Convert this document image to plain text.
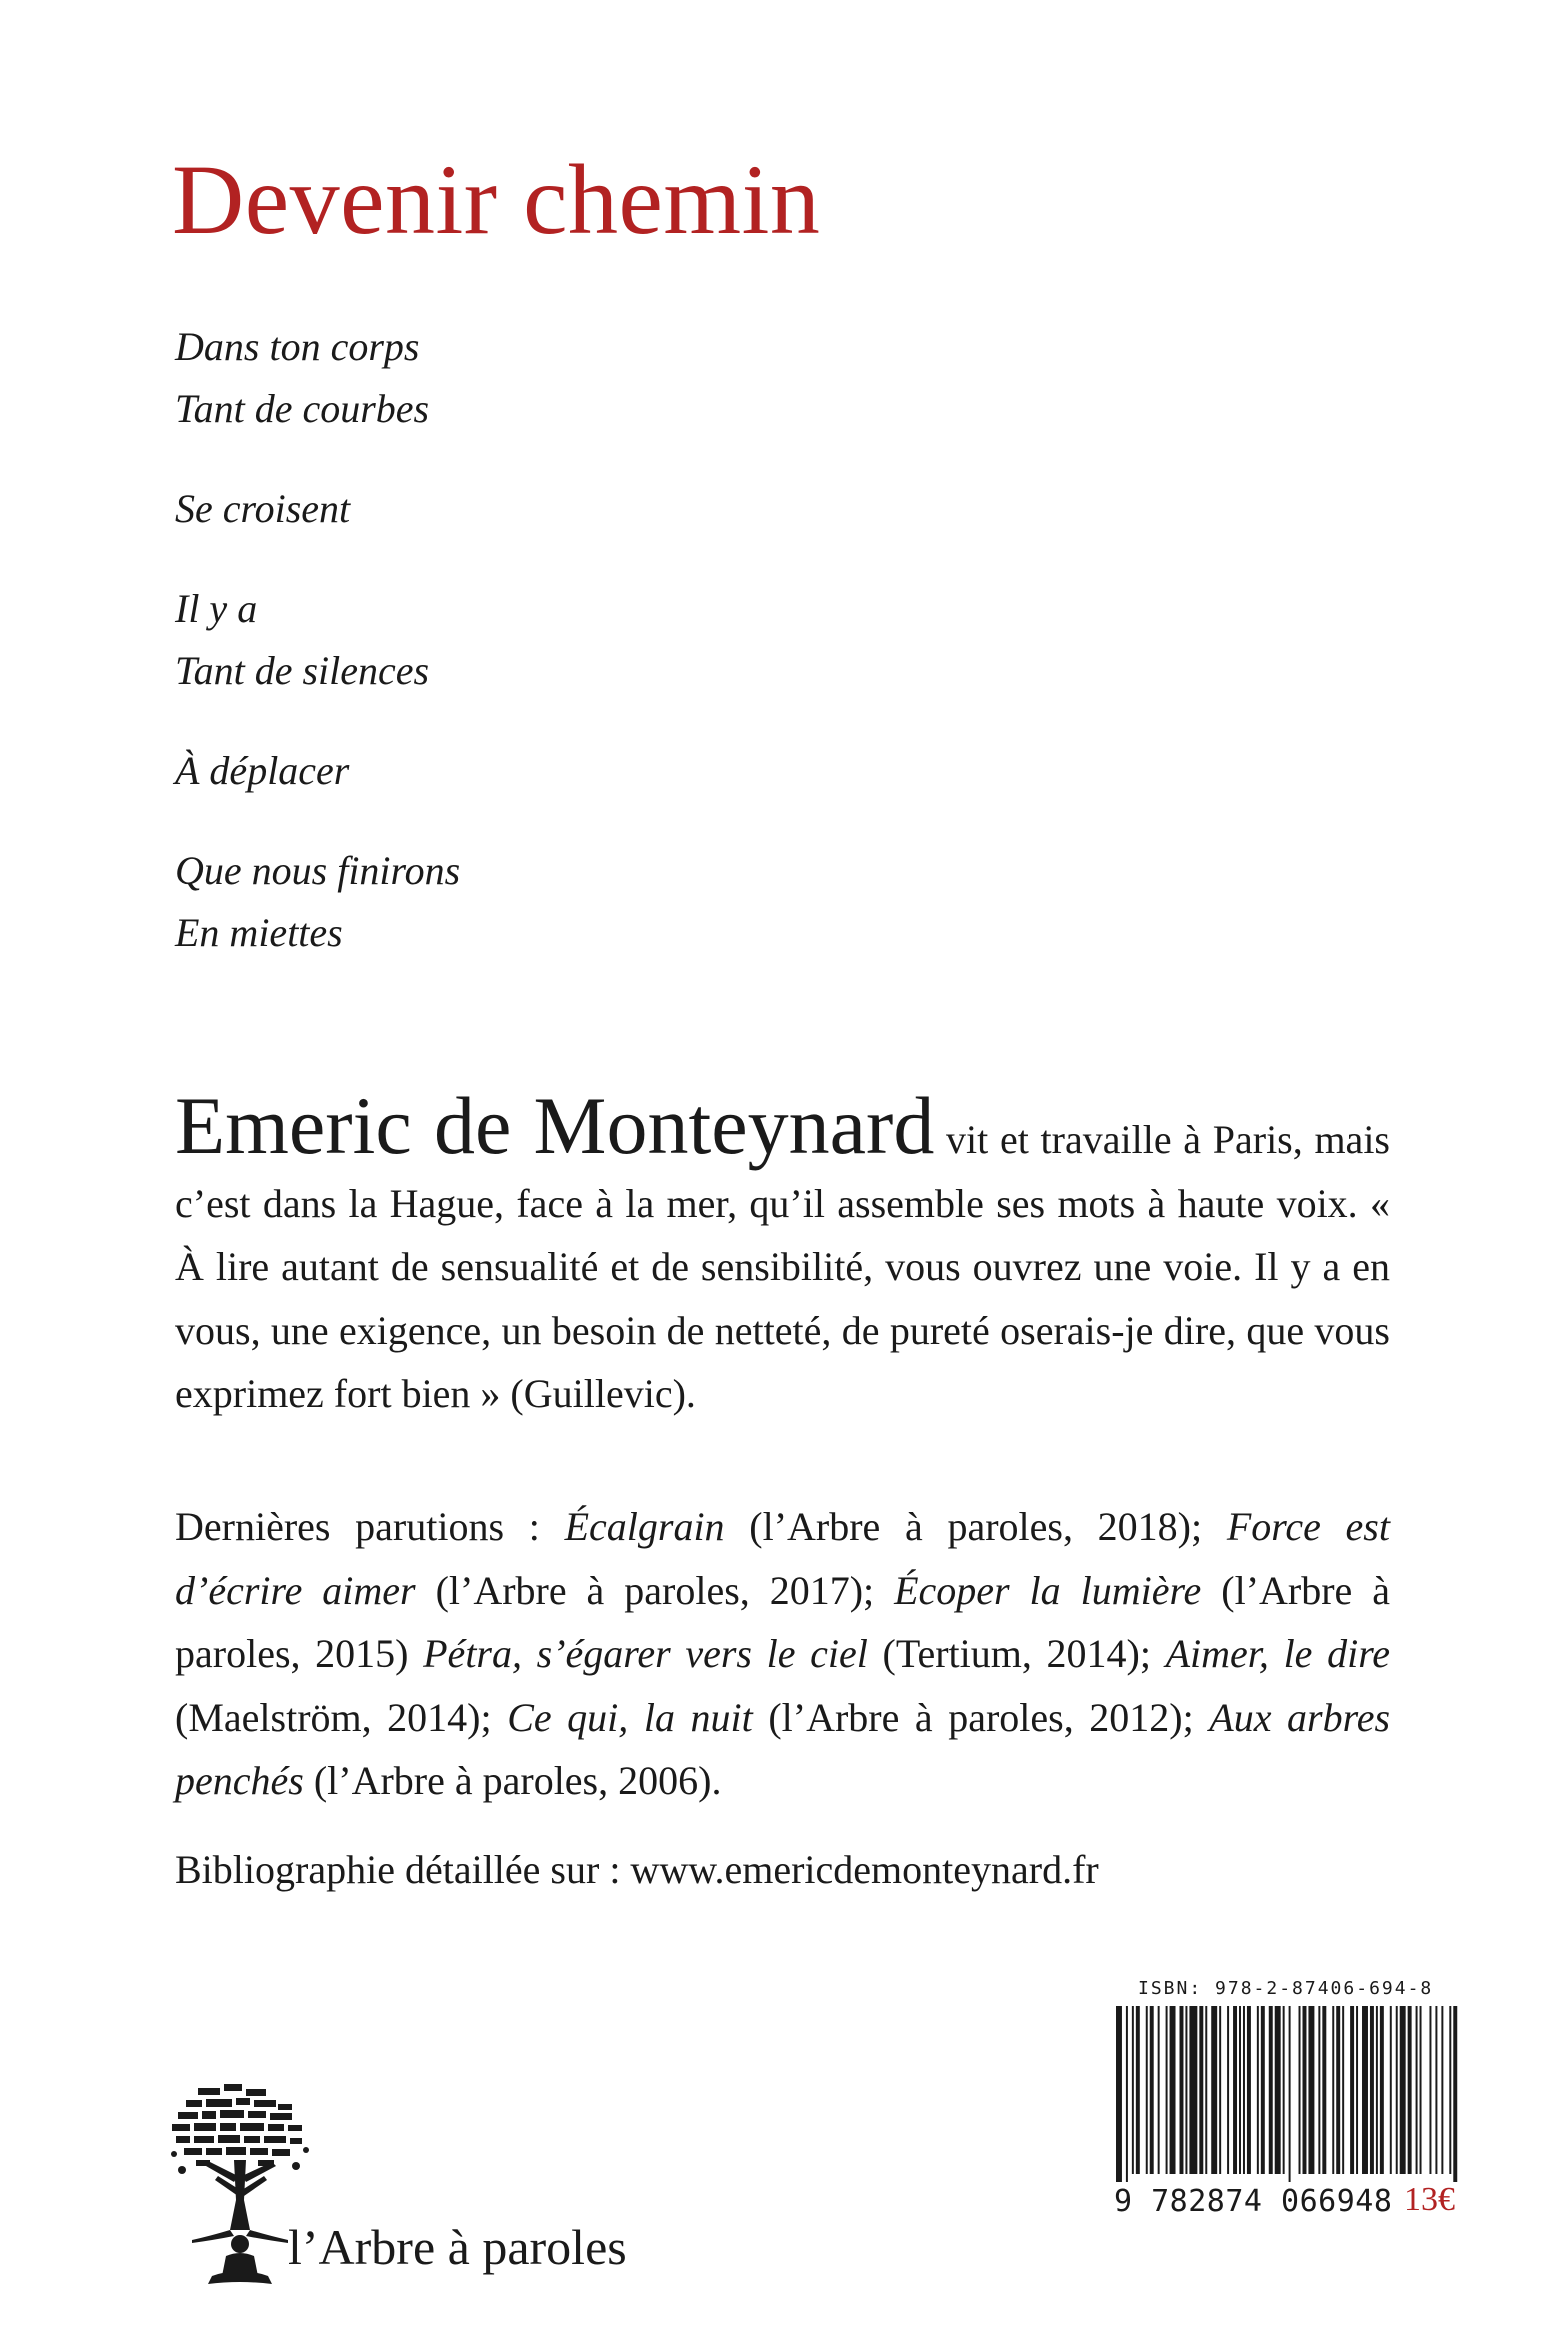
Devenir chemin

Dans ton corps
Tant de courbes

Se croisent

Il y a
Tant de silences

À déplacer

Que nous finirons
En miettes

Emeric de Monteynard vit et travaille à Paris, mais c’est dans la Hague, face à la mer, qu’il assemble ses mots à haute voix. « À lire autant de sensualité et de sensibilité, vous ouvrez une voie. Il y a en vous, une exigence, un besoin de netteté, de pureté oserais-je dire, que vous exprimez fort bien » (Guillevic).

Dernières parutions : Écalgrain (l’Arbre à paroles, 2018); Force est d’écrire aimer (l’Arbre à paroles, 2017); Écoper la lumière (l’Arbre à paroles, 2015) Pétra, s’égarer vers le ciel (Tertium, 2014); Aimer, le dire (Maelström, 2014); Ce qui, la nuit (l’Arbre à paroles, 2012); Aux arbres penchés (l’Arbre à paroles, 2006).

Bibliographie détaillée sur : www.emericdemonteynard.fr

l’Arbre à paroles
ISBN: 978-2-87406-694-8
9 782874 066948 13€
